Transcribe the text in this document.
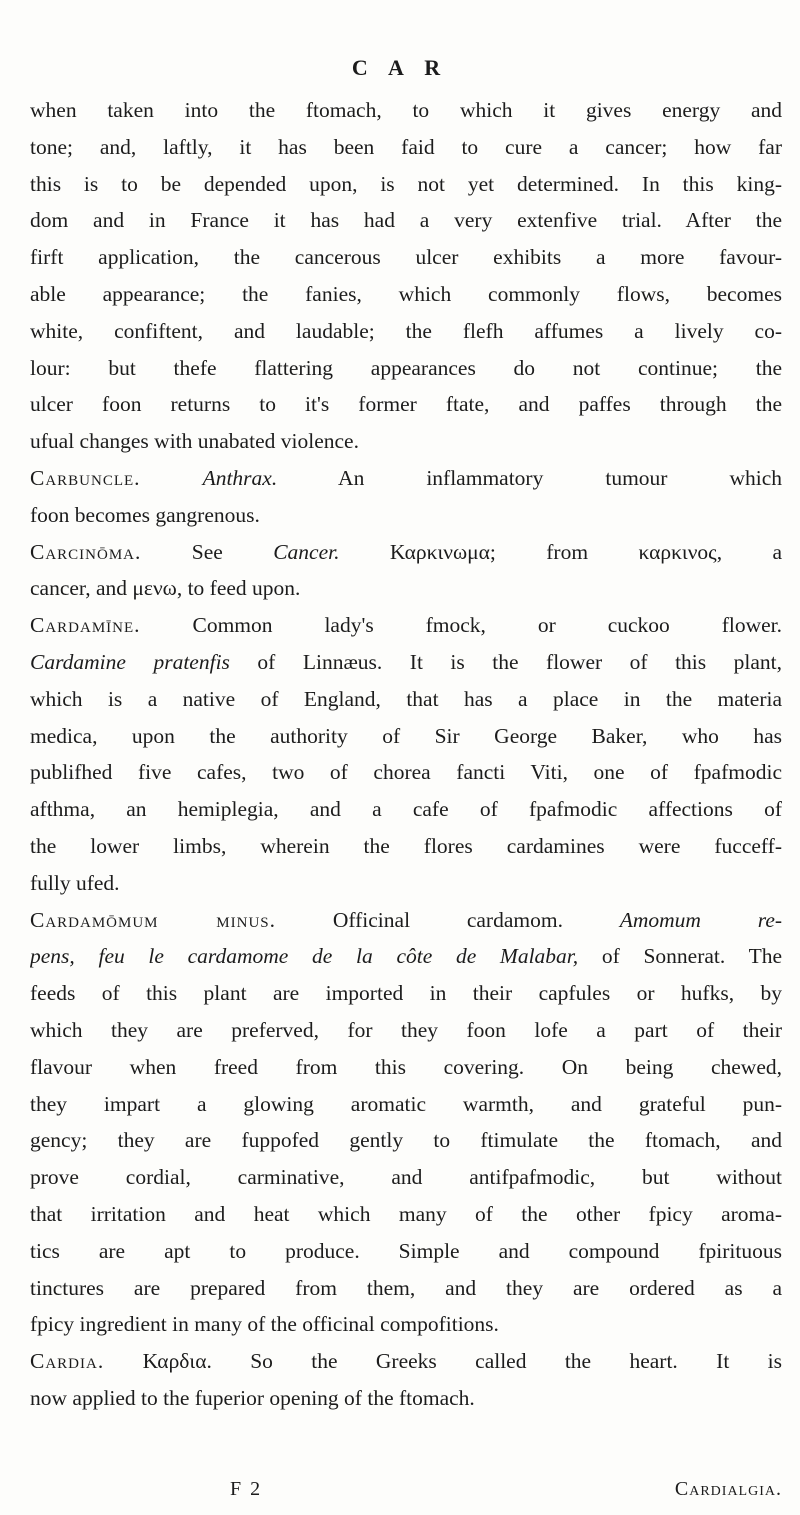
C A R
when taken into the ftomach, to which it gives energy and
tone; and, laftly, it has been faid to cure a cancer; how far
this is to be depended upon, is not yet determined. In this king-
dom and in France it has had a very extenfive trial. After the
firft application, the cancerous ulcer exhibits a more favour-
able appearance; the fanies, which commonly flows, becomes
white, confiftent, and laudable; the flefh affumes a lively co-
lour: but thefe flattering appearances do not continue; the
ulcer foon returns to it's former ftate, and paffes through the
ufual changes with unabated violence.
Carbuncle.	Anthrax.	An inflammatory tumour which
foon becomes gangrenous.
Carcinōma. See Cancer. Καρκινωμα; from καρκινος, a
cancer, and μενω, to feed upon.
Cardamīne. Common lady's fmock, or cuckoo flower.
Cardamine pratenfis of Linnæus. It is the flower of this plant,
which is a native of England, that has a place in the materia
medica, upon the authority of Sir George Baker, who has
publifhed five cafes, two of chorea fancti Viti, one of fpafmodic
afthma, an hemiplegia, and a cafe of fpafmodic affections of
the lower limbs, wherein the flores cardamines were fucceff-
fully ufed.
Cardamōmum minus.	Officinal cardamom.	Amomum re-
pens, feu le cardamome de la côte de Malabar, of Sonnerat. The
feeds of this plant are imported in their capfules or hufks, by
which they are preferved, for they foon lofe a part of their
flavour when freed from this covering. On being chewed,
they impart a glowing aromatic warmth, and grateful pun-
gency; they are fuppofed gently to ftimulate the ftomach, and
prove cordial, carminative, and antifpafmodic, but without
that irritation and heat which many of the other fpicy aroma-
tics are apt to produce. Simple and compound fpirituous
tinctures are prepared from them, and they are ordered as a
fpicy ingredient in many of the officinal compofitions.
Cardia. Καρδια. So the Greeks called the heart. It is
now applied to the fuperior opening of the ftomach.
F 2	Cardialgia.
